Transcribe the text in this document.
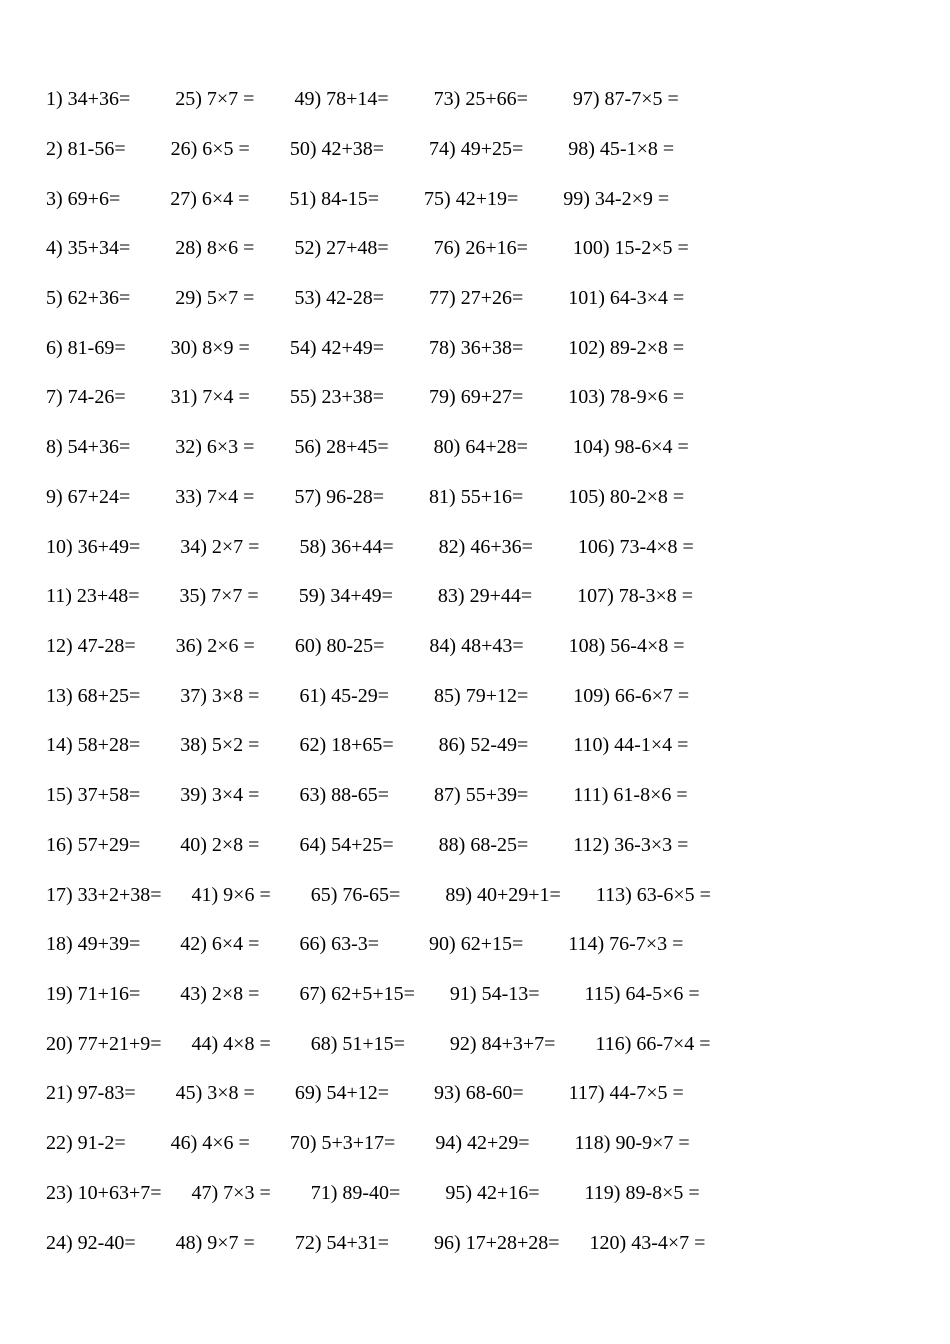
1) 34+36=         25) 7×7 =        49) 78+14=         73) 25+66=         97) 87-7×5 =
2) 81-56=         26) 6×5 =        50) 42+38=         74) 49+25=         98) 45-1×8 =
3) 69+6=          27) 6×4 =        51) 84-15=         75) 42+19=         99) 34-2×9 =
4) 35+34=         28) 8×6 =        52) 27+48=         76) 26+16=         100) 15-2×5 =
5) 62+36=         29) 5×7 =        53) 42-28=         77) 27+26=         101) 64-3×4 =
6) 81-69=         30) 8×9 =        54) 42+49=         78) 36+38=         102) 89-2×8 =
7) 74-26=         31) 7×4 =        55) 23+38=         79) 69+27=         103) 78-9×6 =
8) 54+36=         32) 6×3 =        56) 28+45=         80) 64+28=         104) 98-6×4 =
9) 67+24=         33) 7×4 =        57) 96-28=         81) 55+16=         105) 80-2×8 =
10) 36+49=        34) 2×7 =        58) 36+44=         82) 46+36=         106) 73-4×8 =
11) 23+48=        35) 7×7 =        59) 34+49=         83) 29+44=         107) 78-3×8 =
12) 47-28=        36) 2×6 =        60) 80-25=         84) 48+43=         108) 56-4×8 =
13) 68+25=        37) 3×8 =        61) 45-29=         85) 79+12=         109) 66-6×7 =
14) 58+28=        38) 5×2 =        62) 18+65=         86) 52-49=         110) 44-1×4 =
15) 37+58=        39) 3×4 =        63) 88-65=         87) 55+39=         111) 61-8×6 =
16) 57+29=        40) 2×8 =        64) 54+25=         88) 68-25=         112) 36-3×3 =
17) 33+2+38=      41) 9×6 =        65) 76-65=         89) 40+29+1=       113) 63-6×5 =
18) 49+39=        42) 6×4 =        66) 63-3=          90) 62+15=         114) 76-7×3 =
19) 71+16=        43) 2×8 =        67) 62+5+15=       91) 54-13=         115) 64-5×6 =
20) 77+21+9=      44) 4×8 =        68) 51+15=         92) 84+3+7=        116) 66-7×4 =
21) 97-83=        45) 3×8 =        69) 54+12=         93) 68-60=         117) 44-7×5 =
22) 91-2=         46) 4×6 =        70) 5+3+17=        94) 42+29=         118) 90-9×7 =
23) 10+63+7=      47) 7×3 =        71) 89-40=         95) 42+16=         119) 89-8×5 =
24) 92-40=        48) 9×7 =        72) 54+31=         96) 17+28+28=      120) 43-4×7 =
